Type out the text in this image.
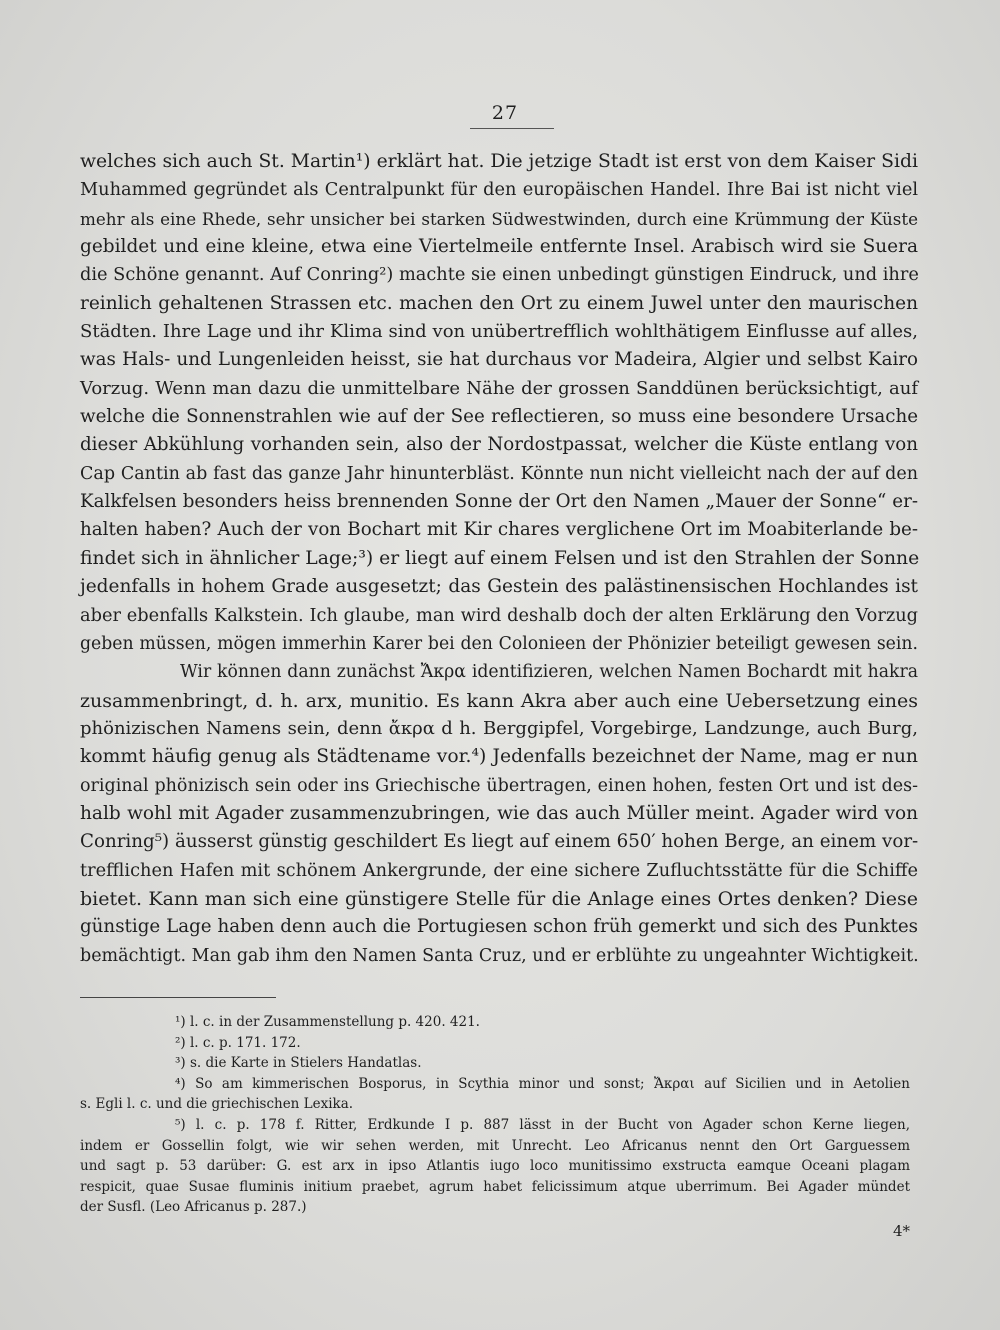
27
welches sich auch St. Martin¹) erklärt hat. Die jetzige Stadt ist erst von dem Kaiser Sidi
Muhammed gegründet als Centralpunkt für den europäischen Handel. Ihre Bai ist nicht viel
mehr als eine Rhede, sehr unsicher bei starken Südwestwinden, durch eine Krümmung der Küste
gebildet und eine kleine, etwa eine Viertelmeile entfernte Insel. Arabisch wird sie Suera
die Schöne genannt. Auf Conring²) machte sie einen unbedingt günstigen Eindruck, und ihre
reinlich gehaltenen Strassen etc. machen den Ort zu einem Juwel unter den maurischen
Städten. Ihre Lage und ihr Klima sind von unübertrefflich wohlthätigem Einflusse auf alles,
was Hals- und Lungenleiden heisst, sie hat durchaus vor Madeira, Algier und selbst Kairo
Vorzug. Wenn man dazu die unmittelbare Nähe der grossen Sanddünen berücksichtigt, auf
welche die Sonnenstrahlen wie auf der See reflectieren, so muss eine besondere Ursache
dieser Abkühlung vorhanden sein, also der Nordostpassat, welcher die Küste entlang von
Cap Cantin ab fast das ganze Jahr hinunterbläst. Könnte nun nicht vielleicht nach der auf den
Kalkfelsen besonders heiss brennenden Sonne der Ort den Namen „Mauer der Sonne“ er-
halten haben? Auch der von Bochart mit Kir chares verglichene Ort im Moabiterlande be-
findet sich in ähnlicher Lage;³) er liegt auf einem Felsen und ist den Strahlen der Sonne
jedenfalls in hohem Grade ausgesetzt; das Gestein des palästinensischen Hochlandes ist
aber ebenfalls Kalkstein. Ich glaube, man wird deshalb doch der alten Erklärung den Vorzug
geben müssen, mögen immerhin Karer bei den Colonieen der Phönizier beteiligt gewesen sein.
Wir können dann zunächst Ἄκρα identifizieren, welchen Namen Bochardt mit hakra
zusammenbringt, d. h. arx, munitio. Es kann Akra aber auch eine Uebersetzung eines
phönizischen Namens sein, denn ἄκρα d h. Berggipfel, Vorgebirge, Landzunge, auch Burg,
kommt häufig genug als Städtename vor.⁴) Jedenfalls bezeichnet der Name, mag er nun
original phönizisch sein oder ins Griechische übertragen, einen hohen, festen Ort und ist des-
halb wohl mit Agader zusammenzubringen, wie das auch Müller meint. Agader wird von
Conring⁵) äusserst günstig geschildert Es liegt auf einem 650′ hohen Berge, an einem vor-
trefflichen Hafen mit schönem Ankergrunde, der eine sichere Zufluchtsstätte für die Schiffe
bietet. Kann man sich eine günstigere Stelle für die Anlage eines Ortes denken? Diese
günstige Lage haben denn auch die Portugiesen schon früh gemerkt und sich des Punktes
bemächtigt. Man gab ihm den Namen Santa Cruz, und er erblühte zu ungeahnter Wichtigkeit.
¹) l. c. in der Zusammenstellung p. 420. 421.
²) l. c. p. 171. 172.
³) s. die Karte in Stielers Handatlas.
⁴) So am kimmerischen Bosporus, in Scythia minor und sonst; Ἄκραι auf Sicilien und in Aetolien
s. Egli l. c. und die griechischen Lexika.
⁵) l. c. p. 178 f. Ritter, Erdkunde I p. 887 lässt in der Bucht von Agader schon Kerne liegen,
indem er Gossellin folgt, wie wir sehen werden, mit Unrecht. Leo Africanus nennt den Ort Garguessem
und sagt p. 53 darüber: G. est arx in ipso Atlantis iugo loco munitissimo exstructa eamque Oceani plagam
respicit, quae Susae fluminis initium praebet, agrum habet felicissimum atque uberrimum. Bei Agader mündet
der Susfl. (Leo Africanus p. 287.)
4*
